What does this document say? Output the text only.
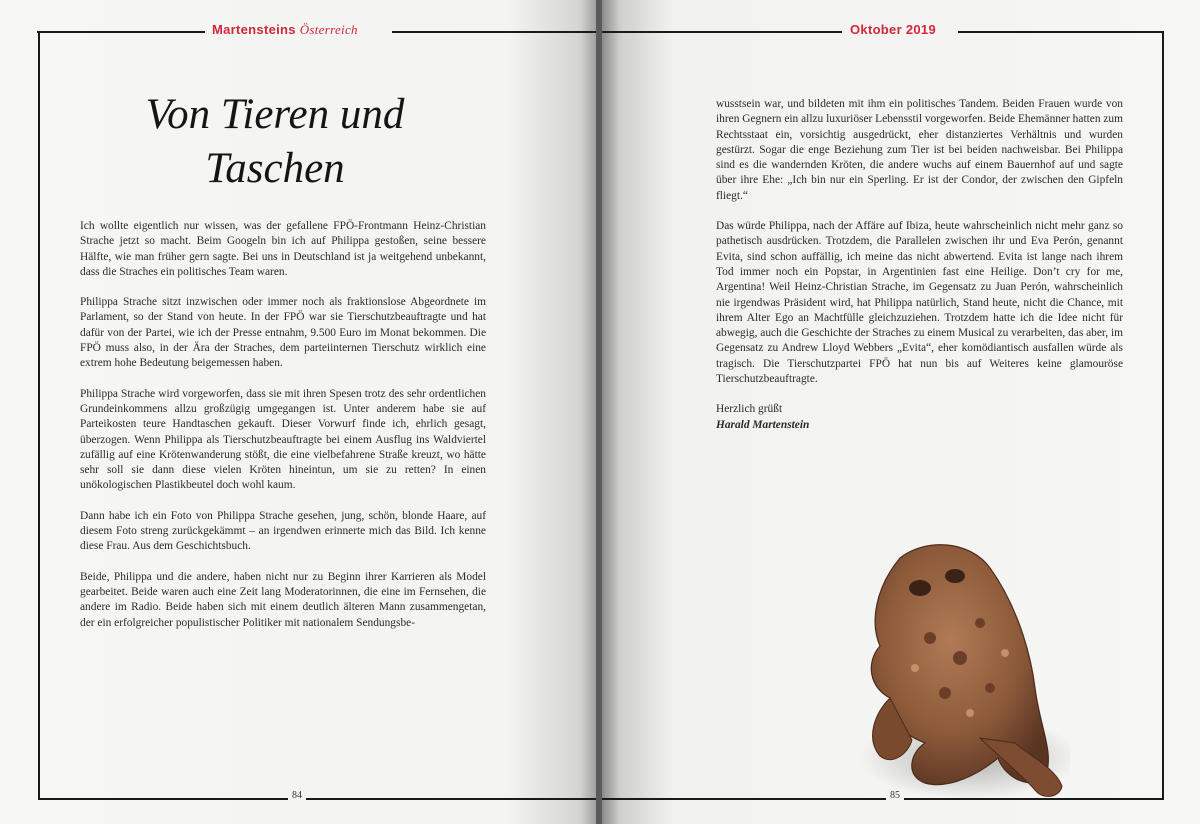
Martensteins Österreich
Von Tieren und
Taschen

Ich wollte eigentlich nur wissen, was der gefallene FPÖ-Frontmann Heinz-Christian Strache jetzt so macht. Beim Googeln bin ich auf Philippa gestoßen, seine bessere Hälfte, wie man früher gern sagte. Bei uns in Deutschland ist ja weitgehend unbekannt, dass die Straches ein politisches Team waren.

Philippa Strache sitzt inzwischen oder immer noch als fraktionslose Abgeordnete im Parlament, so der Stand von heute. In der FPÖ war sie Tierschutzbeauftragte und hat dafür von der Partei, wie ich der Presse entnahm, 9.500 Euro im Monat bekommen. Die FPÖ muss also, in der Ära der Straches, dem parteiinternen Tierschutz wirklich eine extrem hohe Bedeutung beigemessen haben.

Philippa Strache wird vorgeworfen, dass sie mit ihren Spesen trotz des sehr ordentlichen Grundeinkommens allzu großzügig umgegangen ist. Unter anderem habe sie auf Parteikosten teure Handtaschen gekauft. Dieser Vorwurf finde ich, ehrlich gesagt, überzogen. Wenn Philippa als Tierschutzbeauftragte bei einem Ausflug ins Waldviertel zufällig auf eine Krötenwanderung stößt, die eine vielbefahrene Straße kreuzt, wo hätte sehr soll sie dann diese vielen Kröten hineintun, um sie zu retten? In einen unökologischen Plastikbeutel doch wohl kaum.

Dann habe ich ein Foto von Philippa Strache gesehen, jung, schön, blonde Haare, auf diesem Foto streng zurückgekämmt – an irgendwen erinnerte mich das Bild. Ich kenne diese Frau. Aus dem Geschichtsbuch.

Beide, Philippa und die andere, haben nicht nur zu Beginn ihrer Karrieren als Model gearbeitet. Beide waren auch eine Zeit lang Moderatorinnen, die eine im Fernsehen, die andere im Radio. Beide haben sich mit einem deutlich älteren Mann zusammengetan, der ein erfolgreicher populistischer Politiker mit nationalem Sendungsbe-

84
Oktober 2019

wusstsein war, und bildeten mit ihm ein politisches Tandem. Beiden Frauen wurde von ihren Gegnern ein allzu luxuriöser Lebensstil vorgeworfen. Beide Ehemänner hatten zum Rechtsstaat ein, vorsichtig ausgedrückt, eher distanziertes Verhältnis und wurden gestürzt. Sogar die enge Beziehung zum Tier ist bei beiden nachweisbar. Bei Philippa sind es die wandernden Kröten, die andere wuchs auf einem Bauernhof auf und sagte über ihre Ehe: „Ich bin nur ein Sperling. Er ist der Condor, der zwischen den Gipfeln fliegt.“

Das würde Philippa, nach der Affäre auf Ibiza, heute wahrscheinlich nicht mehr ganz so pathetisch ausdrücken. Trotzdem, die Parallelen zwischen ihr und Eva Perón, genannt Evita, sind schon auffällig, ich meine das nicht abwertend. Evita ist lange nach ihrem Tod immer noch ein Popstar, in Argentinien fast eine Heilige. Don’t cry for me, Argentina! Weil Heinz-Christian Strache, im Gegensatz zu Juan Perón, wahrscheinlich nie irgendwas Präsident wird, hat Philippa natürlich, Stand heute, nicht die Chance, mit ihrem Alter Ego an Machtfülle gleichzuziehen. Trotzdem hatte ich die Idee nicht für abwegig, auch die Geschichte der Straches zu einem Musical zu verarbeiten, das aber, im Gegensatz zu Andrew Lloyd Webbers „Evita“, eher komödiantisch ausfallen würde als tragisch. Die Tierschutzpartei FPÖ hat nun bis auf Weiteres keine glamouröse Tierschutzbeauftragte.

Herzlich grüßt
Harald Martenstein
85
